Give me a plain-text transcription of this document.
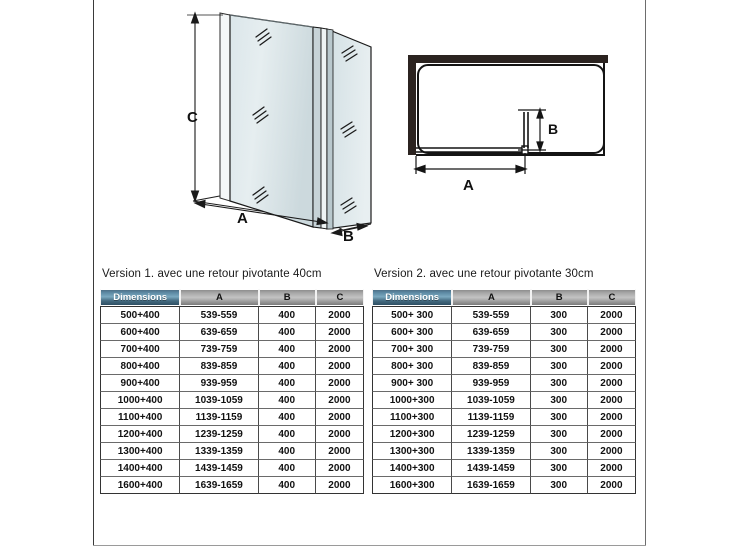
C
A
B
B
A
Version 1. avec une retour pivotante 40cm
Dimensions	A	B	C
500+400	539-559	400	2000
600+400	639-659	400	2000
700+400	739-759	400	2000
800+400	839-859	400	2000
900+400	939-959	400	2000
1000+400	1039-1059	400	2000
1100+400	1139-1159	400	2000
1200+400	1239-1259	400	2000
1300+400	1339-1359	400	2000
1400+400	1439-1459	400	2000
1600+400	1639-1659	400	2000
Version 2. avec une retour pivotante 30cm
Dimensions	A	B	C
500+ 300	539-559	300	2000
600+ 300	639-659	300	2000
700+ 300	739-759	300	2000
800+ 300	839-859	300	2000
900+ 300	939-959	300	2000
1000+300	1039-1059	300	2000
1100+300	1139-1159	300	2000
1200+300	1239-1259	300	2000
1300+300	1339-1359	300	2000
1400+300	1439-1459	300	2000
1600+300	1639-1659	300	2000
